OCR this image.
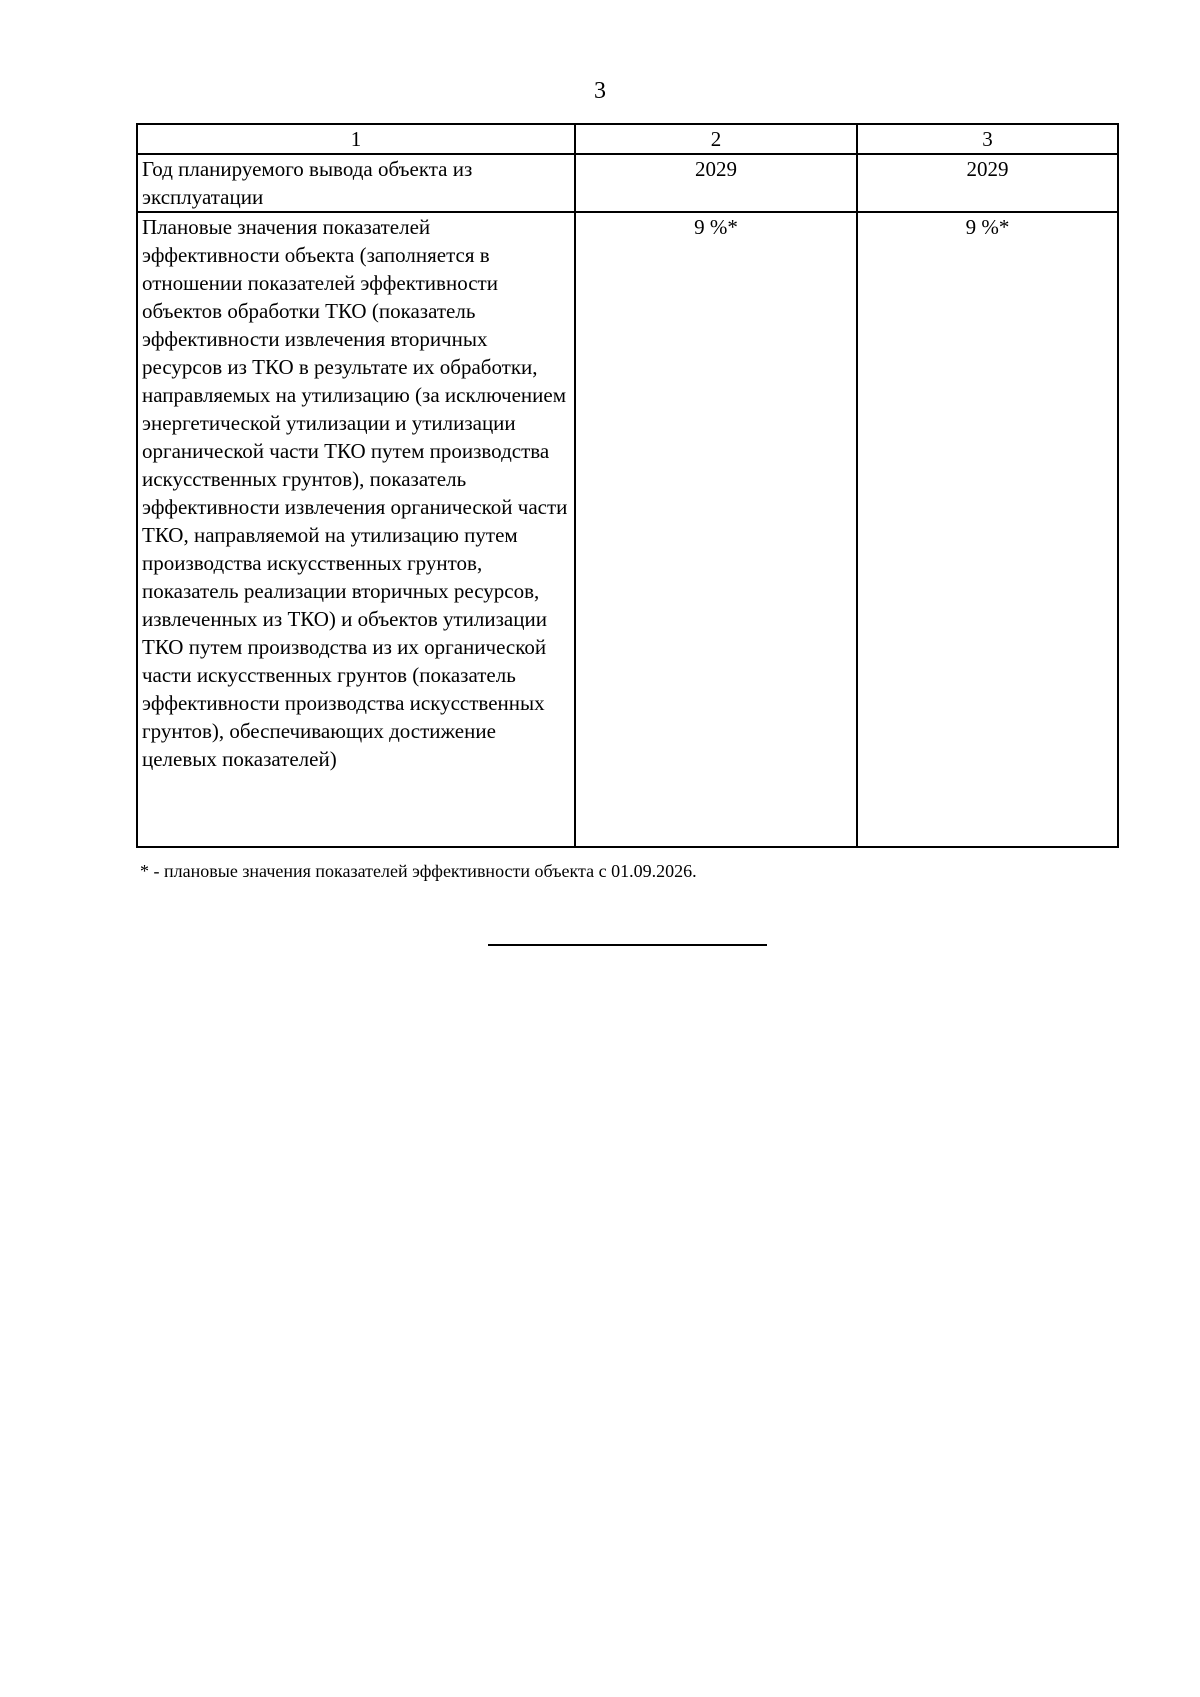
3
1	2	3
Год планируемого вывода объекта из эксплуатации	2029	2029
Плановые значения показателей эффективности объекта (заполняется в отношении показателей эффективности объектов обработки ТКО (показатель эффективности извлечения вторичных ресурсов из ТКО в результате их обработки, направляемых на утилизацию (за исключением энергетической утилизации и утилизации органической части ТКО путем производства искусственных грунтов), показатель эффективности извлечения органической части ТКО, направляемой на утилизацию путем производства искусственных грунтов, показатель реализации вторичных ресурсов, извлеченных из ТКО) и объектов утилизации ТКО путем производства из их органической части искусственных грунтов (показатель эффективности производства искусственных грунтов), обеспечивающих достижение целевых показателей)	9 %*	9 %*
* - плановые значения показателей эффективности объекта с 01.09.2026.
